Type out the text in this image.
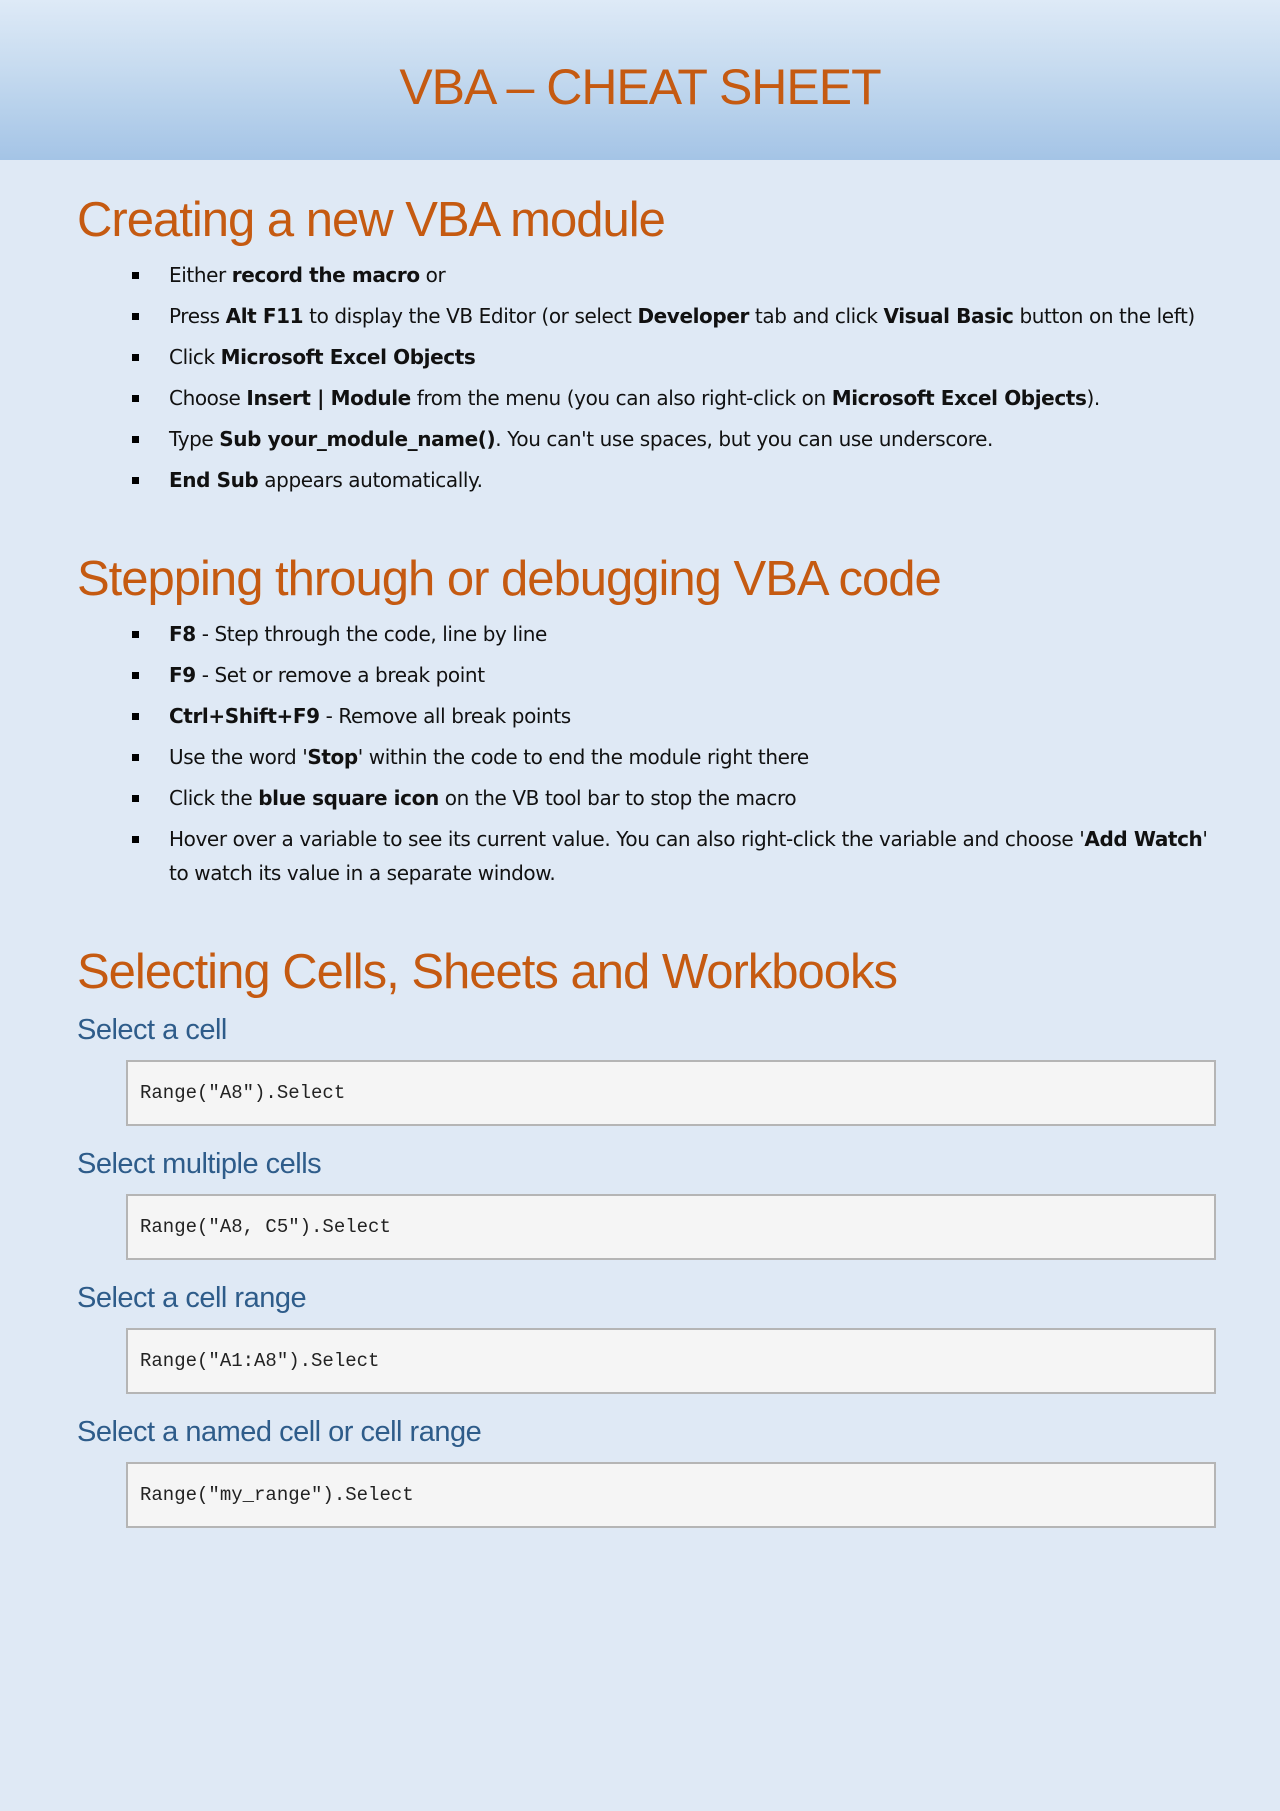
VBA – CHEAT SHEET
Creating a new VBA module
Either record the macro or
Press Alt F11 to display the VB Editor (or select Developer tab and click Visual Basic button on the left)
Click Microsoft Excel Objects
Choose Insert | Module from the menu (you can also right-click on Microsoft Excel Objects).
Type Sub your_module_name(). You can't use spaces, but you can use underscore.
End Sub appears automatically.
Stepping through or debugging VBA code
F8 - Step through the code, line by line
F9 - Set or remove a break point
Ctrl+Shift+F9 - Remove all break points
Use the word 'Stop' within the code to end the module right there
Click the blue square icon on the VB tool bar to stop the macro
Hover over a variable to see its current value. You can also right-click the variable and choose 'Add Watch' to watch its value in a separate window.
Selecting Cells, Sheets and Workbooks
Select a cell
Range("A8").Select
Select multiple cells
Range("A8, C5").Select
Select a cell range
Range("A1:A8").Select
Select a named cell or cell range
Range("my_range").Select
